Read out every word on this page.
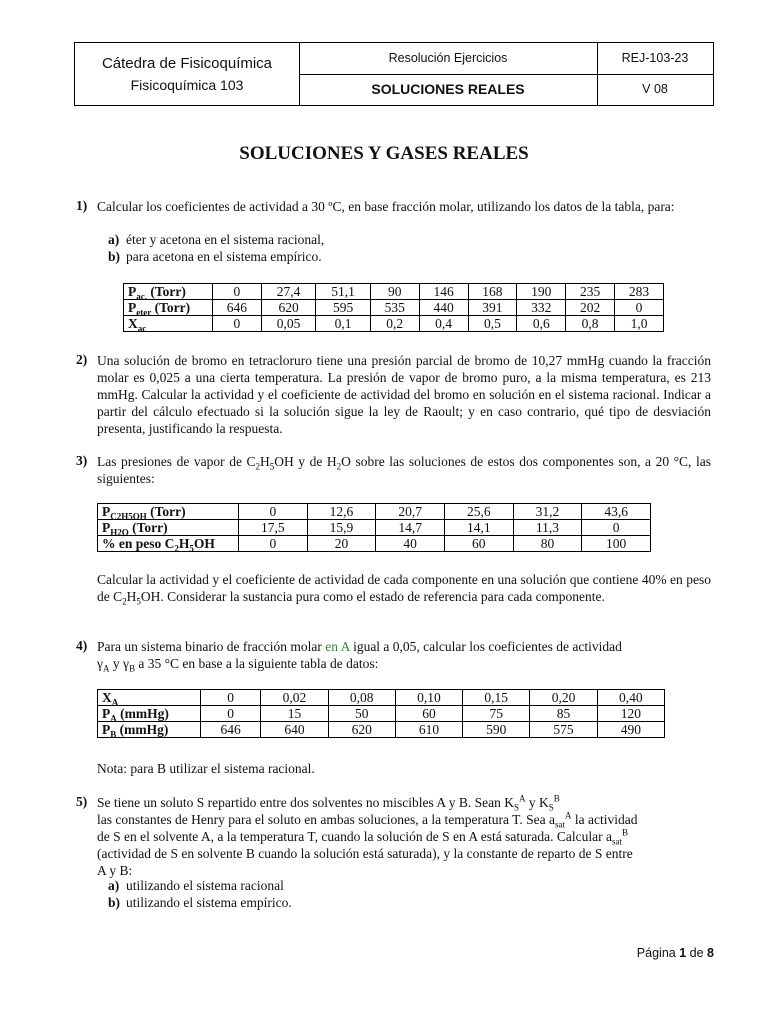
Cátedra de Fisicoquímica
Fisicoquímica 103
Resolución Ejercicios
SOLUCIONES REALES
REJ-103-23
V 08
SOLUCIONES Y GASES REALES
1) Calcular los coeficientes de actividad a 30 ºC, en base fracción molar, utilizando los datos de la tabla, para:
a) éter y acetona en el sistema racional,
b) para acetona en el sistema empírico.
$P_{ac.}$ (Torr)	0	27,4	51,1	90	146	168	190	235	283
$P_{eter}$ (Torr)	646	620	595	535	440	391	332	202	0
$X_{ac}$	0	0,05	0,1	0,2	0,4	0,5	0,6	0,8	1,0
2) Una solución de bromo en tetracloruro tiene una presión parcial de bromo de 10,27 mmHg cuando la fracción molar es 0,025 a una cierta temperatura. La presión de vapor de bromo puro, a la misma temperatura, es 213 mmHg. Calcular la actividad y el coeficiente de actividad del bromo en solución en el sistema racional. Indicar a partir del cálculo efectuado si la solución sigue la ley de Raoult; y en caso contrario, qué tipo de desviación presenta, justificando la respuesta.
3) Las presiones de vapor de $C_2H_5OH$ y de $H_2O$ sobre las soluciones de estos dos componentes son, a 20 °C, las siguientes:
$P_{C2H5OH}$ (Torr)	0	12,6	20,7	25,6	31,2	43,6
$P_{H2O}$ (Torr)	17,5	15,9	14,7	14,1	11,3	0
% en peso $C_2H_5OH$	0	20	40	60	80	100
Calcular la actividad y el coeficiente de actividad de cada componente en una solución que contiene 40% en peso de $C_2H_5OH$. Considerar la sustancia pura como el estado de referencia para cada componente.
4) Para un sistema binario de fracción molar en A igual a 0,05, calcular los coeficientes de actividad
$\gamma_A$ y $\gamma_B$ a 35 °C en base a la siguiente tabla de datos:
$X_A$	0	0,02	0,08	0,10	0,15	0,20	0,40
$P_A$ (mmHg)	0	15	50	60	75	85	120
$P_B$ (mmHg)	646	640	620	610	590	575	490
Nota: para B utilizar el sistema racional.
5) Se tiene un soluto S repartido entre dos solventes no miscibles A y B. Sean $K_S^A$ y $K_S^B$
las constantes de Henry para el soluto en ambas soluciones, a la temperatura T. Sea $a_{sat}^A$ la actividad
de S en el solvente A, a la temperatura T, cuando la solución de S en A está saturada. Calcular $a_{sat}^B$
(actividad de S en solvente B cuando la solución está saturada), y la constante de reparto de S entre
A y B:
a) utilizando el sistema racional
b) utilizando el sistema empírico.
Página 1 de 8
